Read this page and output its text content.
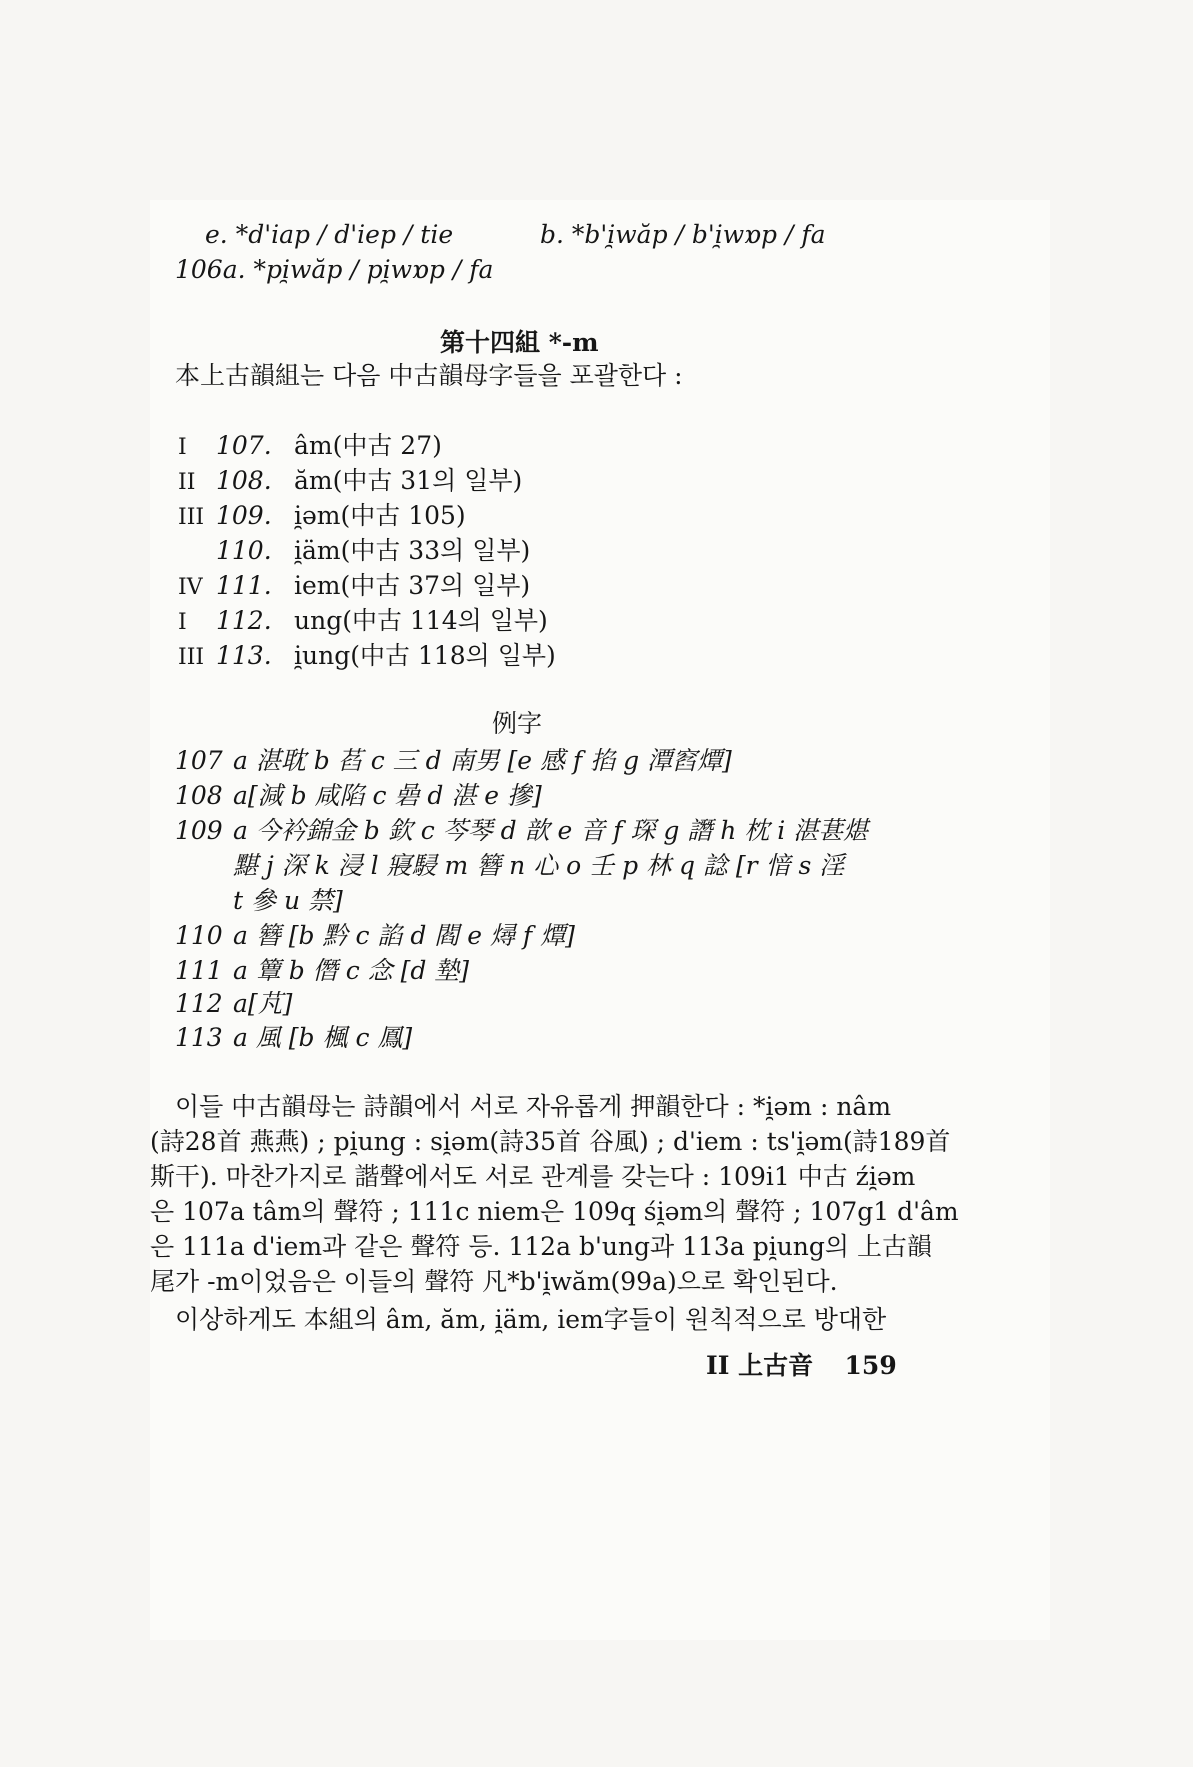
e. *d'iap / d'iep / tie	b. *b'i̯wăp / b'i̯wɒp / fa
106a. *pi̯wăp / pi̯wɒp / fa
第十四組 *-m
本上古韻組는 다음 中古韻母字들을 포괄한다 :
I 107. âm(中古 27)
II 108. ăm(中古 31의 일부)
III 109. i̯əm(中古 105)
110. i̯äm(中古 33의 일부)
IV 111. iem(中古 37의 일부)
I 112. ung(中古 114의 일부)
III 113. i̯ung(中古 118의 일부)
例字
107 a 湛耽 b 萏 c 三 d 南男 [e 感 f 掐 g 潭窞燂]
108 a[減 b 咸陷 c 碞 d 湛 e 摻]
109 a 今衿錦金 b 欽 c 芩琴 d 歆 e 音 f 琛 g 譖 h 枕 i 湛葚煁
黮 j 深 k 浸 l 寢駸 m 簪 n 心 o 壬 p 林 q 諗 [r 愔 s 淫
t 參 u 禁]
110 a 簪 [b 黔 c 諂 d 閻 e 燖 f 燂]
111 a 簟 b 僭 c 念 [d 墊]
112 a[芃]
113 a 風 [b 楓 c 鳳]
이들 中古韻母는 詩韻에서 서로 자유롭게 押韻한다 : *i̯əm : nâm
(詩28首 燕燕) ; pi̯ung : si̯əm(詩35首 谷風) ; d'iem : ts'i̯əm(詩189首
斯干). 마찬가지로 諧聲에서도 서로 관계를 갖는다 : 109i1 中古 źi̯əm
은 107a tâm의 聲符 ; 111c niem은 109q śi̯əm의 聲符 ; 107g1 d'âm
은 111a d'iem과 같은 聲符 등. 112a b'ung과 113a pi̯ung의 上古韻
尾가 -m이었음은 이들의 聲符 凡*b'i̯wăm(99a)으로 확인된다.
이상하게도 本組의 âm, ăm, i̯äm, iem字들이 원칙적으로 방대한
II 上古音 159
